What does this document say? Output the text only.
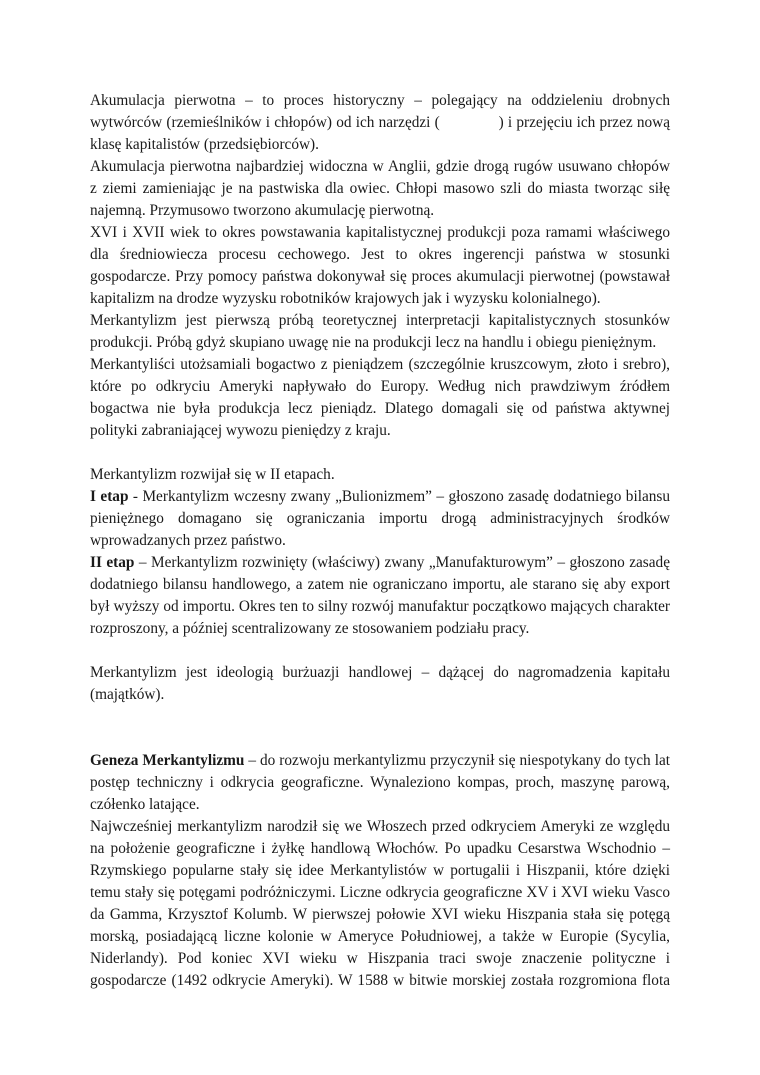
Akumulacja pierwotna – to proces historyczny – polegający na oddzieleniu drobnych
wytwórców (rzemieślników i chłopów) od ich narzędzi (              ) i przejęciu ich przez nową
klasę kapitalistów (przedsiębiorców).
Akumulacja pierwotna najbardziej widoczna w Anglii, gdzie drogą rugów usuwano chłopów
z ziemi zamieniając je na pastwiska dla owiec. Chłopi masowo szli do miasta tworząc siłę
najemną. Przymusowo tworzono akumulację pierwotną.
XVI i XVII wiek to okres powstawania kapitalistycznej produkcji poza ramami właściwego
dla średniowiecza procesu cechowego. Jest to okres ingerencji państwa w stosunki
gospodarcze. Przy pomocy państwa dokonywał się proces akumulacji pierwotnej (powstawał
kapitalizm na drodze wyzysku robotników krajowych jak i wyzysku kolonialnego).
Merkantylizm jest pierwszą próbą teoretycznej interpretacji kapitalistycznych stosunków
produkcji. Próbą gdyż skupiano uwagę nie na produkcji lecz na handlu i obiegu pieniężnym.
Merkantyliści utożsamiali bogactwo z pieniądzem (szczególnie kruszcowym, złoto i srebro),
które po odkryciu Ameryki napływało do Europy. Według nich prawdziwym źródłem
bogactwa nie była produkcja lecz pieniądz. Dlatego domagali się od państwa aktywnej
polityki zabraniającej wywozu pieniędzy z kraju.
Merkantylizm rozwijał się w II etapach.
I etap - Merkantylizm wczesny zwany „Bulionizmem” – głoszono zasadę dodatniego bilansu
pieniężnego domagano się ograniczania importu drogą administracyjnych środków
wprowadzanych przez państwo.
II etap – Merkantylizm rozwinięty (właściwy) zwany „Manufakturowym” – głoszono zasadę
dodatniego bilansu handlowego, a zatem nie ograniczano importu, ale starano się aby export
był wyższy od importu. Okres ten to silny rozwój manufaktur początkowo mających charakter
rozproszony, a później scentralizowany ze stosowaniem podziału pracy.
Merkantylizm jest ideologią burżuazji handlowej – dążącej do nagromadzenia kapitału
(majątków).
Geneza Merkantylizmu – do rozwoju merkantylizmu przyczynił się niespotykany do tych lat
postęp techniczny i odkrycia geograficzne. Wynaleziono kompas, proch, maszynę parową,
czółenko latające.
Najwcześniej merkantylizm narodził się we Włoszech przed odkryciem Ameryki ze względu
na położenie geograficzne i żyłkę handlową Włochów. Po upadku Cesarstwa Wschodnio –
Rzymskiego popularne stały się idee Merkantylistów w portugalii i Hiszpanii, które dzięki
temu stały się potęgami podróżniczymi. Liczne odkrycia geograficzne XV i XVI wieku Vasco
da Gamma, Krzysztof Kolumb. W pierwszej połowie XVI wieku Hiszpania stała się potęgą
morską, posiadającą liczne kolonie w Ameryce Południowej, a także w Europie (Sycylia,
Niderlandy). Pod koniec XVI wieku w Hiszpania traci swoje znaczenie polityczne i
gospodarcze (1492 odkrycie Ameryki). W 1588 w bitwie morskiej została rozgromiona flota
